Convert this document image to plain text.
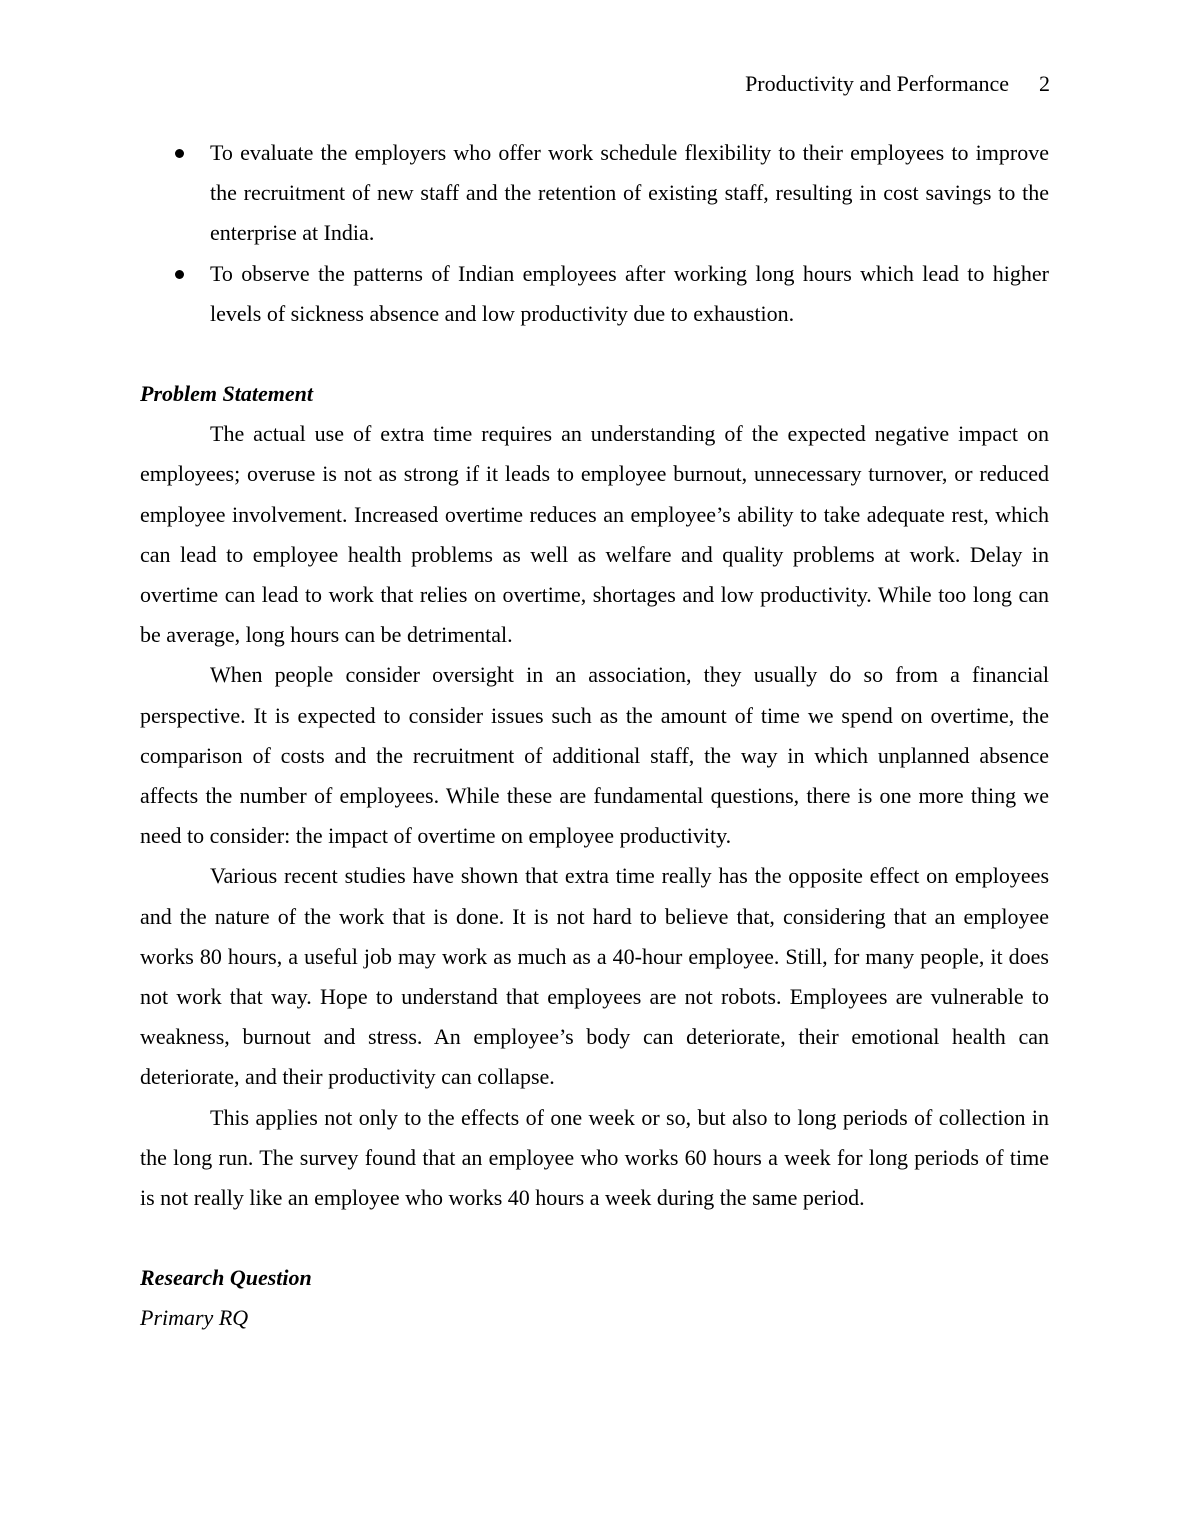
Productivity and Performance 2
To evaluate the employers who offer work schedule flexibility to their employees to improve the recruitment of new staff and the retention of existing staff, resulting in cost savings to the enterprise at India.
To observe the patterns of Indian employees after working long hours which lead to higher levels of sickness absence and low productivity due to exhaustion.
Problem Statement

The actual use of extra time requires an understanding of the expected negative impact on employees; overuse is not as strong if it leads to employee burnout, unnecessary turnover, or reduced employee involvement. Increased overtime reduces an employee’s ability to take adequate rest, which can lead to employee health problems as well as welfare and quality problems at work. Delay in overtime can lead to work that relies on overtime, shortages and low productivity. While too long can be average, long hours can be detrimental.

When people consider oversight in an association, they usually do so from a financial perspective. It is expected to consider issues such as the amount of time we spend on overtime, the comparison of costs and the recruitment of additional staff, the way in which unplanned absence affects the number of employees. While these are fundamental questions, there is one more thing we need to consider: the impact of overtime on employee productivity.

Various recent studies have shown that extra time really has the opposite effect on employees and the nature of the work that is done. It is not hard to believe that, considering that an employee works 80 hours, a useful job may work as much as a 40-hour employee. Still, for many people, it does not work that way. Hope to understand that employees are not robots. Employees are vulnerable to weakness, burnout and stress. An employee’s body can deteriorate, their emotional health can deteriorate, and their productivity can collapse.

This applies not only to the effects of one week or so, but also to long periods of collection in the long run. The survey found that an employee who works 60 hours a week for long periods of time is not really like an employee who works 40 hours a week during the same period.

Research Question
Primary RQ
